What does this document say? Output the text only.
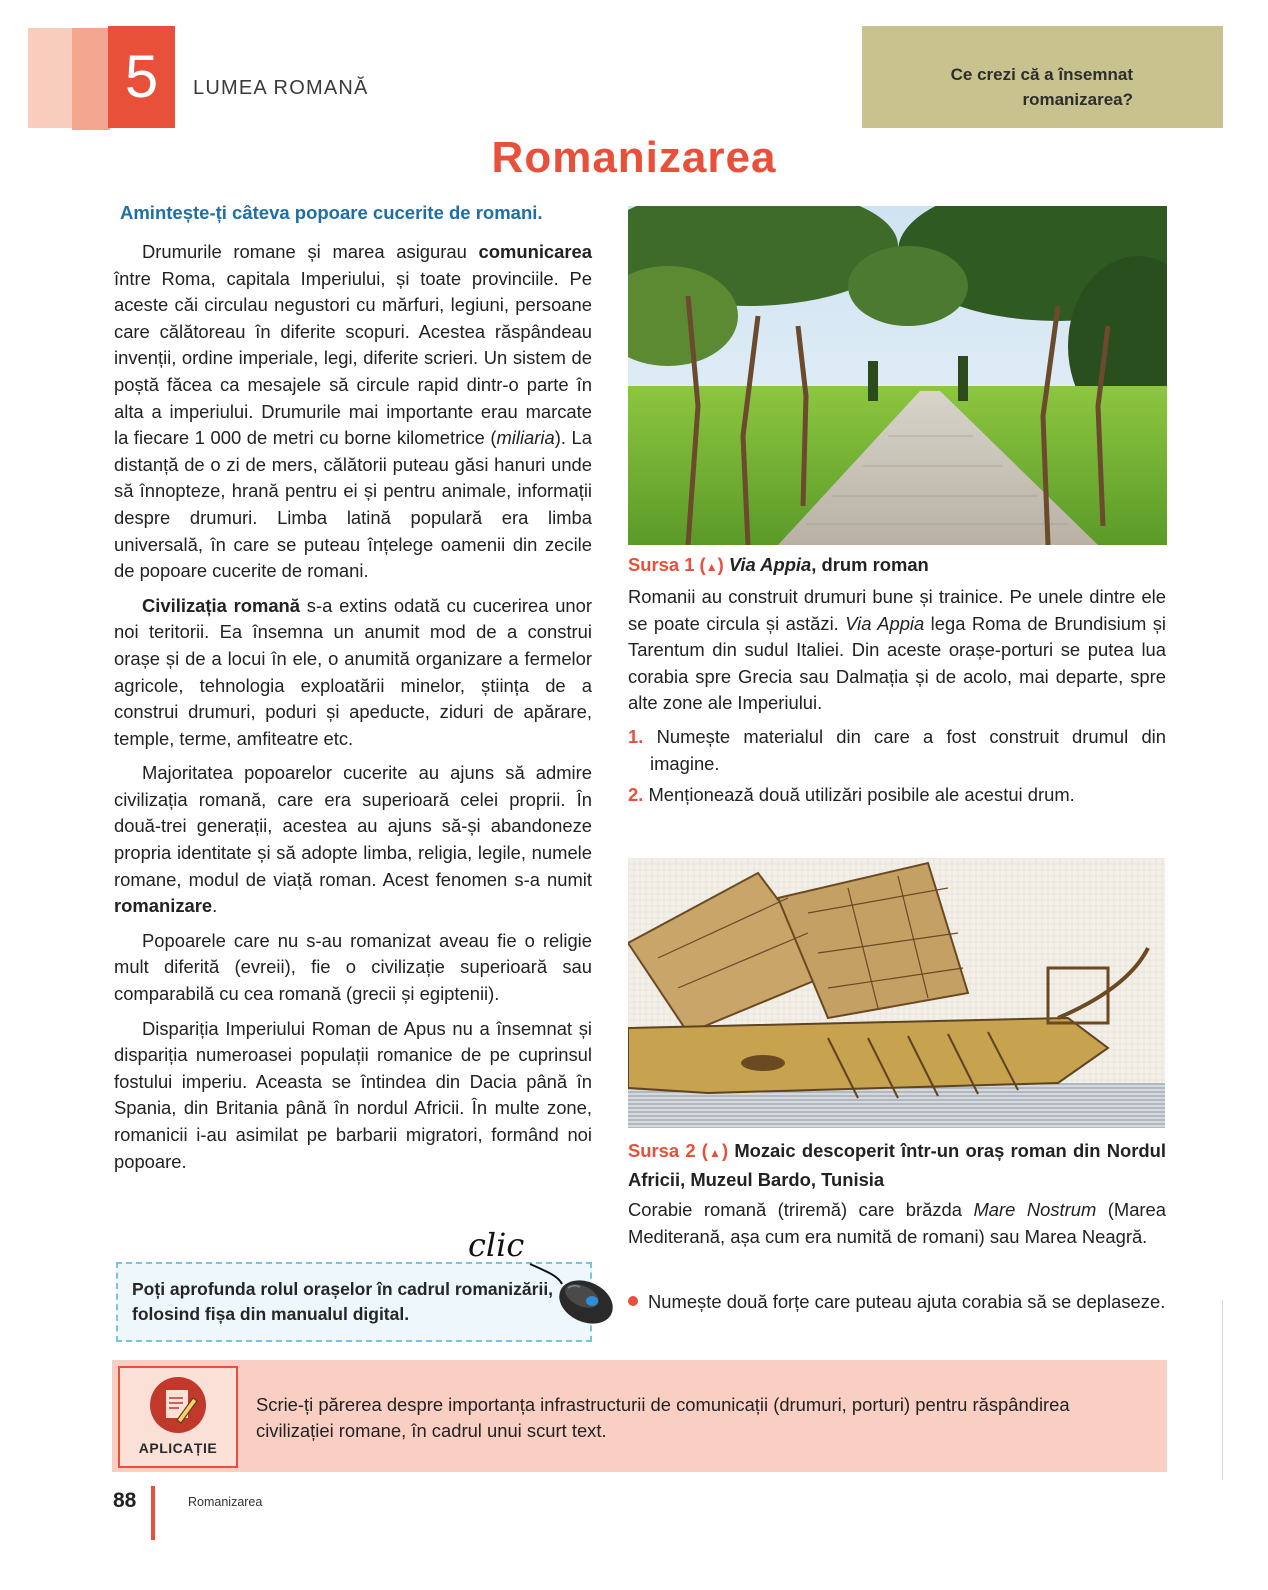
5	LUMEA ROMANĂ
Ce crezi că a însemnat
romanizarea?
Romanizarea
Amintește-ți câteva popoare cucerite de romani.

Drumurile romane și marea asigurau comunicarea între Roma, capitala Imperiului, și toate provinciile. Pe aceste căi circulau negustori cu mărfuri, legiuni, persoane care călătoreau în diferite scopuri. Acestea răspândeau invenții, ordine imperiale, legi, diferite scrieri. Un sistem de poștă făcea ca mesajele să circule rapid dintr-o parte în alta a imperiului. Drumurile mai importante erau marcate la fiecare 1 000 de metri cu borne kilometrice (miliaria). La distanță de o zi de mers, călătorii puteau găsi hanuri unde să înnopteze, hrană pentru ei și pentru animale, informații despre drumuri. Limba latină populară era limba universală, în care se puteau înțelege oamenii din zecile de popoare cucerite de romani.

Civilizația romană s-a extins odată cu cucerirea unor noi teritorii. Ea însemna un anumit mod de a construi orașe și de a locui în ele, o anumită organizare a fermelor agricole, tehnologia exploatării minelor, știința de a construi drumuri, poduri și apeducte, ziduri de apărare, temple, terme, amfiteatre etc.

Majoritatea popoarelor cucerite au ajuns să admire civilizația romană, care era superioară celei proprii. În două-trei generații, acestea au ajuns să-și abandoneze propria identitate și să adopte limba, religia, legile, numele romane, modul de viață roman. Acest fenomen s-a numit romanizare.

Popoarele care nu s-au romanizat aveau fie o religie mult diferită (evreii), fie o civilizație superioară sau comparabilă cu cea romană (grecii și egiptenii).

Dispariția Imperiului Roman de Apus nu a însemnat și dispariția numeroasei populații romanice de pe cuprinsul fostului imperiu. Aceasta se întindea din Dacia până în Spania, din Britania până în nordul Africii. În multe zone, romanicii i-au asimilat pe barbarii migratori, formând noi popoare.

Poți aprofunda rolul orașelor în cadrul romanizării, folosind fișa din manualul digital.
clic
Sursa 1 (▲) Via Appia, drum roman
Romanii au construit drumuri bune și trainice. Pe unele dintre ele se poate circula și astăzi. Via Appia lega Roma de Brundisium și Tarentum din sudul Italiei. Din aceste orașe-porturi se putea lua corabia spre Grecia sau Dalmația și de acolo, mai departe, spre alte zone ale Imperiului.
1. Numește materialul din care a fost construit drumul din imagine.
2. Menționează două utilizări posibile ale acestui drum.
Sursa 2 (▲) Mozaic descoperit într-un oraș roman din Nordul Africii, Muzeul Bardo, Tunisia
Corabie romană (triremă) care brăzda Mare Nostrum (Marea Mediterană, așa cum era numită de romani) sau Marea Neagră.
Numește două forțe care puteau ajuta corabia să se deplaseze.
APLICAȚIE
Scrie-ți părerea despre importanța infrastructurii de comunicații (drumuri, porturi) pentru răspândirea civilizației romane, în cadrul unui scurt text.
88	Romanizarea
